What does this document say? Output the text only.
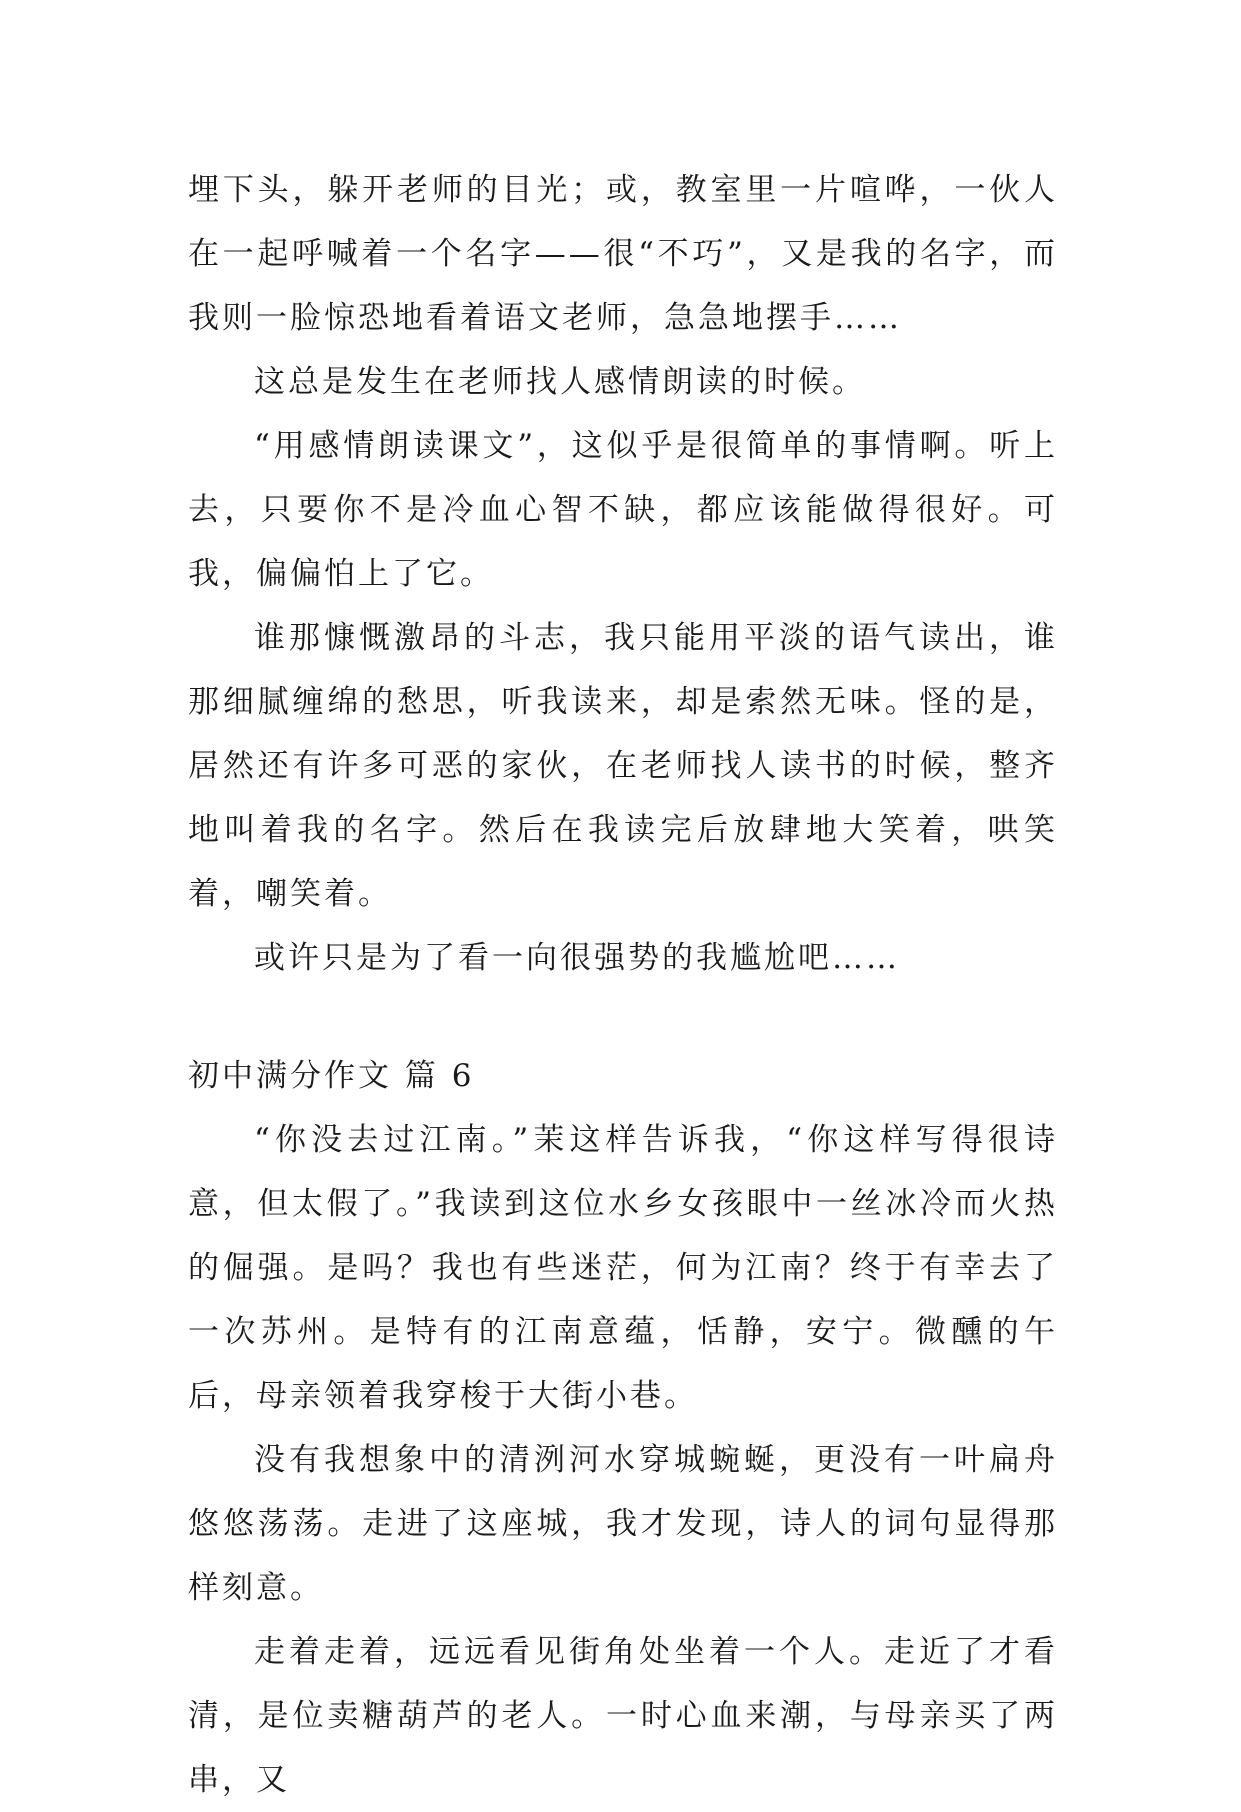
埋下头，躲开老师的目光；或，教室里一片喧哗，一伙人在一起呼喊着一个名字——很“不巧”，又是我的名字，而我则一脸惊恐地看着语文老师，急急地摆手……

这总是发生在老师找人感情朗读的时候。

“用感情朗读课文”，这似乎是很简单的事情啊。听上去，只要你不是冷血心智不缺，都应该能做得很好。可我，偏偏怕上了它。

谁那慷慨激昂的斗志，我只能用平淡的语气读出，谁那细腻缠绵的愁思，听我读来，却是索然无味。怪的是，居然还有许多可恶的家伙，在老师找人读书的时候，整齐地叫着我的名字。然后在我读完后放肆地大笑着，哄笑着，嘲笑着。

或许只是为了看一向很强势的我尴尬吧……

初中满分作文 篇 6

“你没去过江南。”茉这样告诉我，“你这样写得很诗意，但太假了。”我读到这位水乡女孩眼中一丝冰冷而火热的倔强。是吗？我也有些迷茫，何为江南？终于有幸去了一次苏州。是特有的江南意蕴，恬静，安宁。微醺的午后，母亲领着我穿梭于大街小巷。

没有我想象中的清洌河水穿城蜿蜒，更没有一叶扁舟悠悠荡荡。走进了这座城，我才发现，诗人的词句显得那样刻意。

走着走着，远远看见街角处坐着一个人。走近了才看清，是位卖糖葫芦的老人。一时心血来潮，与母亲买了两串，又
